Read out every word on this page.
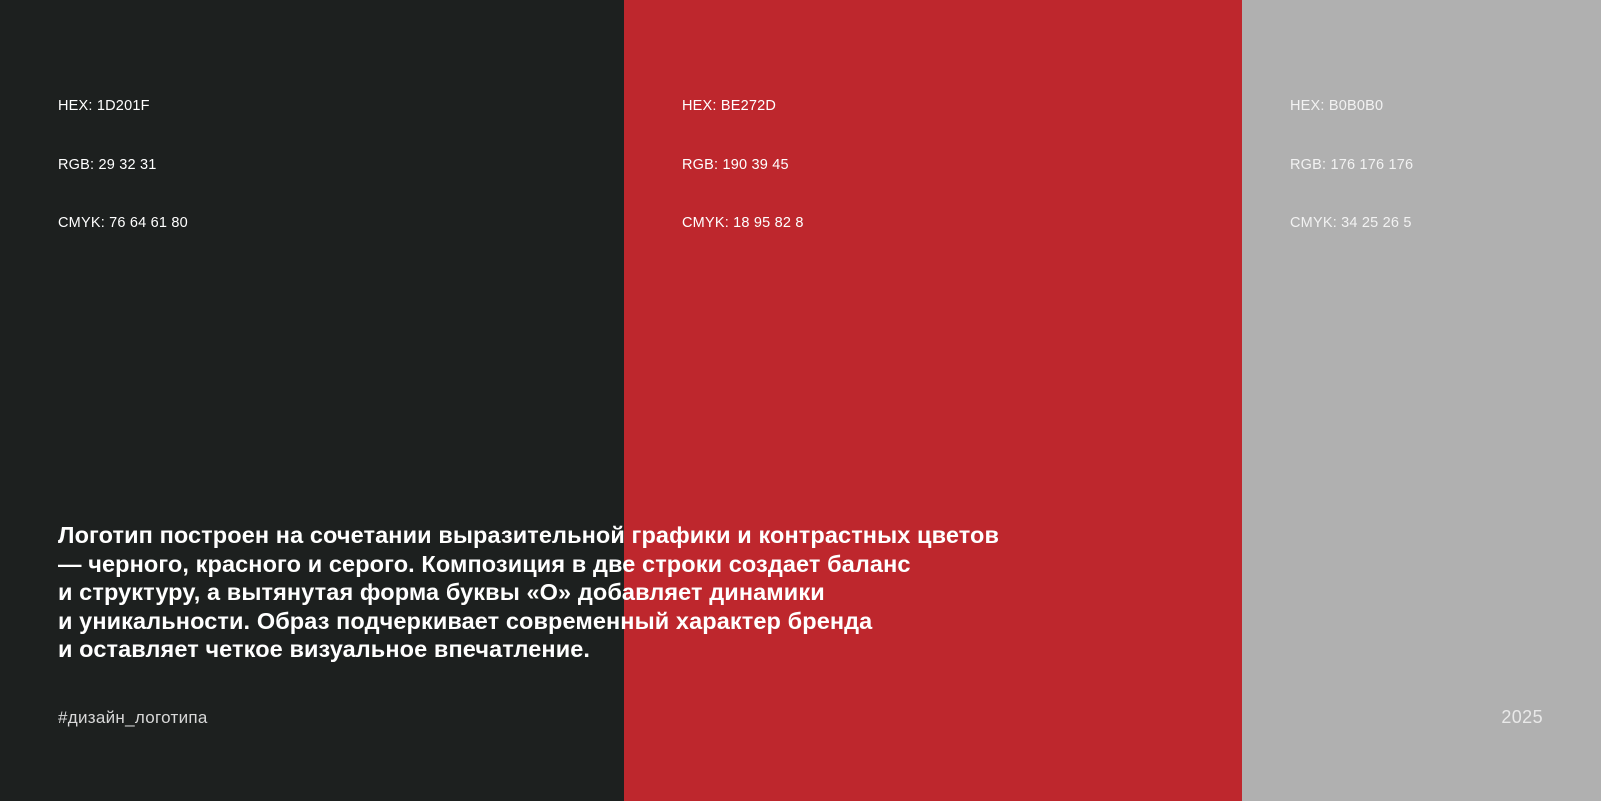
HEX: 1D201F

RGB: 29 32 31

CMYK: 76 64 61 80

HEX: BE272D

RGB: 190 39 45

CMYK: 18 95 82 8

HEX: B0B0B0

RGB: 176 176 176

CMYK: 34 25 26 5

Логотип построен на сочетании выразительной графики и контрастных цветов
— черного, красного и серого. Композиция в две строки создает баланс
и структуру, а вытянутая форма буквы «О» добавляет динамики
и уникальности. Образ подчеркивает современный характер бренда
и оставляет четкое визуальное впечатление.
#дизайн_логотипа	2025
